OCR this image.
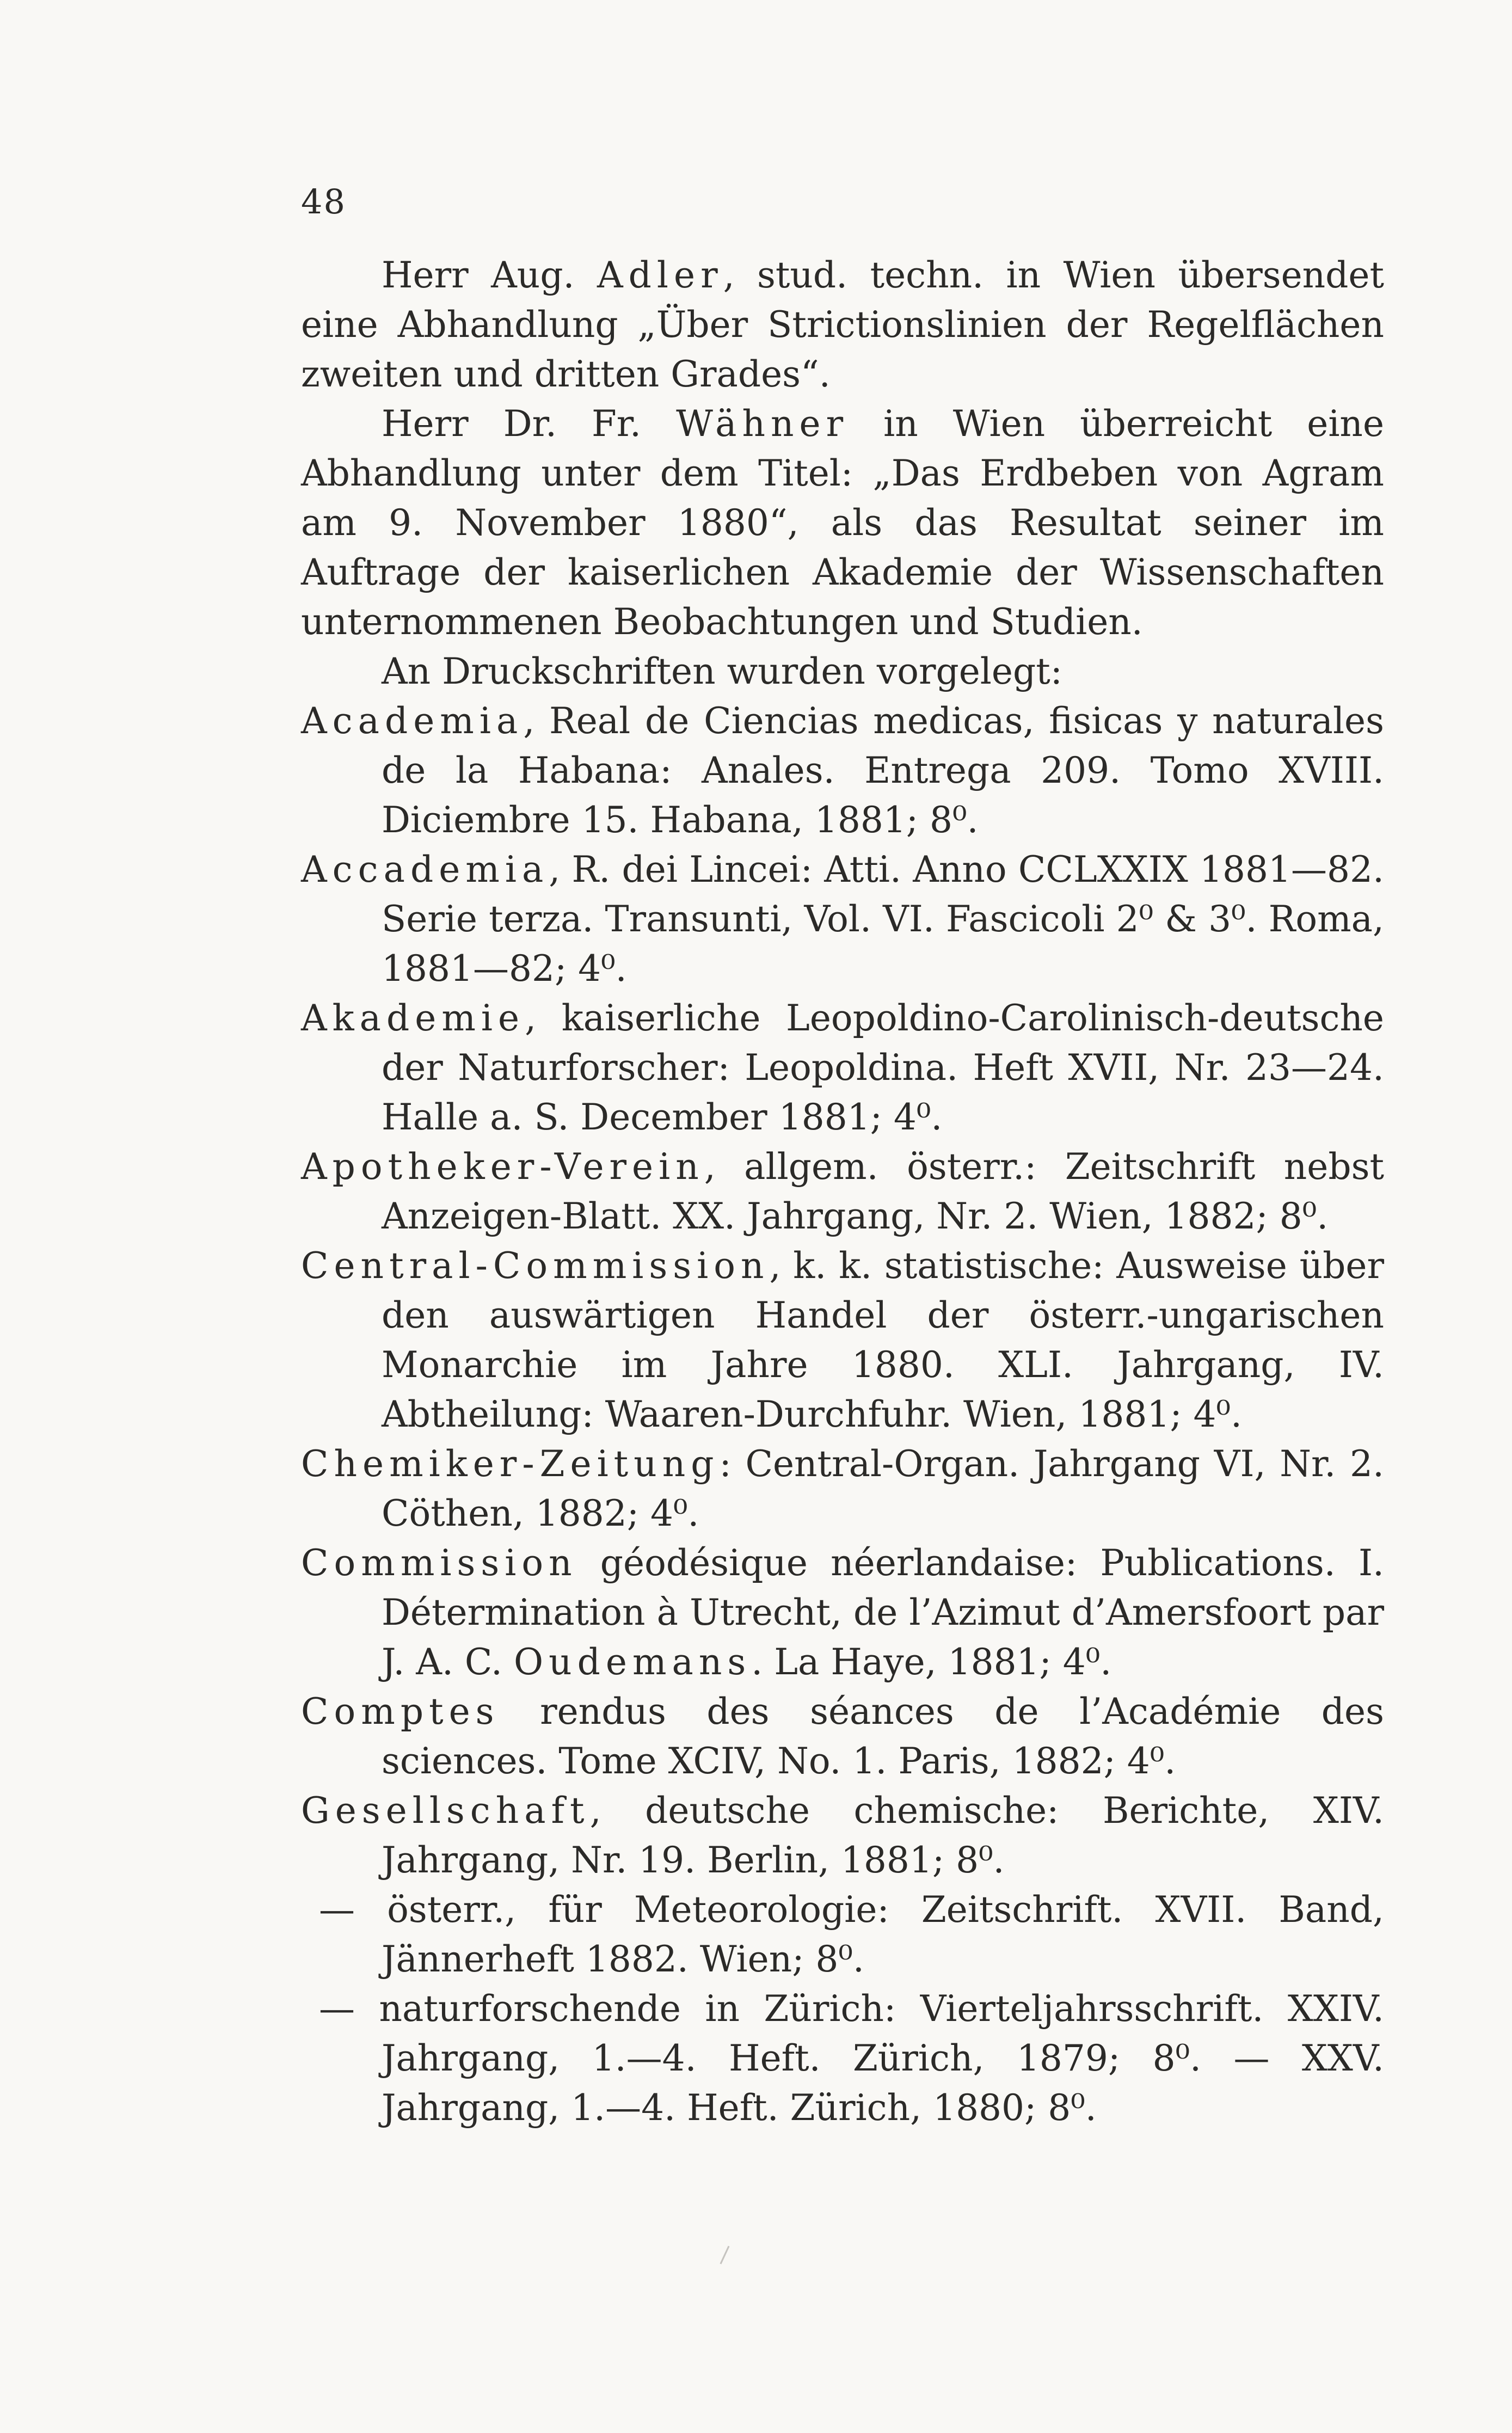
48

Herr Aug. Adler, stud. techn. in Wien übersendet eine Abhandlung „Über Strictionslinien der Regelflächen zweiten und dritten Grades“.

Herr Dr. Fr. Wähner in Wien überreicht eine Abhandlung unter dem Titel: „Das Erdbeben von Agram am 9. November 1880“, als das Resultat seiner im Auftrage der kaiserlichen Akademie der Wissenschaften unternommenen Beobachtungen und Studien.

An Druckschriften wurden vorgelegt:

Academia, Real de Ciencias medicas, fisicas y naturales de la Habana: Anales. Entrega 209. Tomo XVIII. Diciembre 15. Habana, 1881; 8⁰.

Accademia, R. dei Lincei: Atti. Anno CCLXXIX 1881—82. Serie terza. Transunti, Vol. VI. Fascicoli 2⁰ & 3⁰. Roma, 1881—82; 4⁰.

Akademie, kaiserliche Leopoldino-Carolinisch-deutsche der Naturforscher: Leopoldina. Heft XVII, Nr. 23—24. Halle a. S. December 1881; 4⁰.

Apotheker-Verein, allgem. österr.: Zeitschrift nebst Anzeigen-Blatt. XX. Jahrgang, Nr. 2. Wien, 1882; 8⁰.

Central-Commission, k. k. statistische: Ausweise über den auswärtigen Handel der österr.-ungarischen Monarchie im Jahre 1880. XLI. Jahrgang, IV. Abtheilung: Waaren-Durchfuhr. Wien, 1881; 4⁰.

Chemiker-Zeitung: Central-Organ. Jahrgang VI, Nr. 2. Cöthen, 1882; 4⁰.

Commission géodésique néerlandaise: Publications. I. Détermination à Utrecht, de l’Azimut d’Amersfoort par J. A. C. Oudemans. La Haye, 1881; 4⁰.

Comptes rendus des séances de l’Académie des sciences. Tome XCIV, No. 1. Paris, 1882; 4⁰.

Gesellschaft, deutsche chemische: Berichte, XIV. Jahrgang, Nr. 19. Berlin, 1881; 8⁰.

— österr., für Meteorologie: Zeitschrift. XVII. Band, Jännerheft 1882. Wien; 8⁰.

— naturforschende in Zürich: Vierteljahrsschrift. XXIV. Jahrgang, 1.—4. Heft. Zürich, 1879; 8⁰. — XXV. Jahrgang, 1.—4. Heft. Zürich, 1880; 8⁰.
